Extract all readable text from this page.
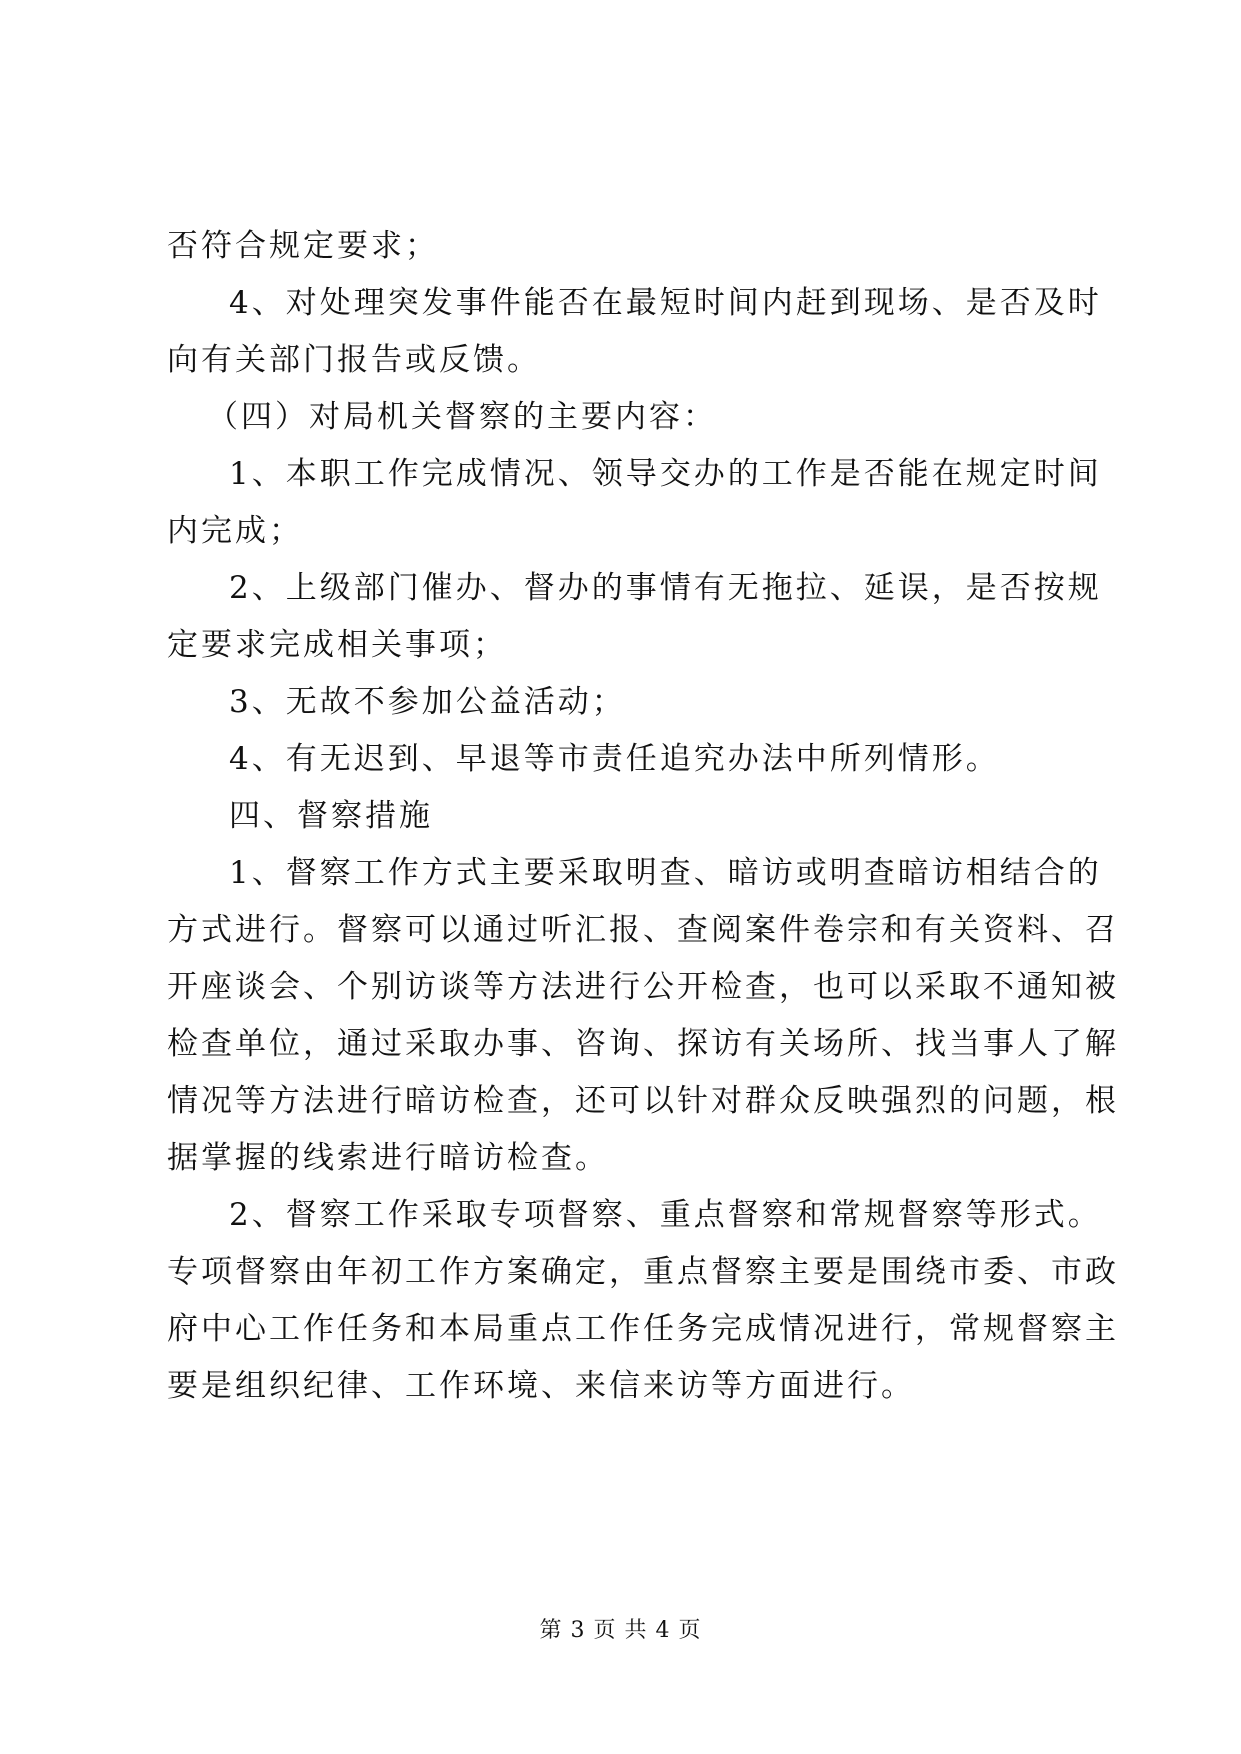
否符合规定要求；
4、对处理突发事件能否在最短时间内赶到现场、是否及时
向有关部门报告或反馈。
（四）对局机关督察的主要内容：
1、本职工作完成情况、领导交办的工作是否能在规定时间
内完成；
2、上级部门催办、督办的事情有无拖拉、延误，是否按规
定要求完成相关事项；
3、无故不参加公益活动；
4、有无迟到、早退等市责任追究办法中所列情形。
四、督察措施
1、督察工作方式主要采取明查、暗访或明查暗访相结合的
方式进行。督察可以通过听汇报、查阅案件卷宗和有关资料、召
开座谈会、个别访谈等方法进行公开检查，也可以采取不通知被
检查单位，通过采取办事、咨询、探访有关场所、找当事人了解
情况等方法进行暗访检查，还可以针对群众反映强烈的问题，根
据掌握的线索进行暗访检查。
2、督察工作采取专项督察、重点督察和常规督察等形式。
专项督察由年初工作方案确定，重点督察主要是围绕市委、市政
府中心工作任务和本局重点工作任务完成情况进行，常规督察主
要是组织纪律、工作环境、来信来访等方面进行。
第 3 页 共 4 页
